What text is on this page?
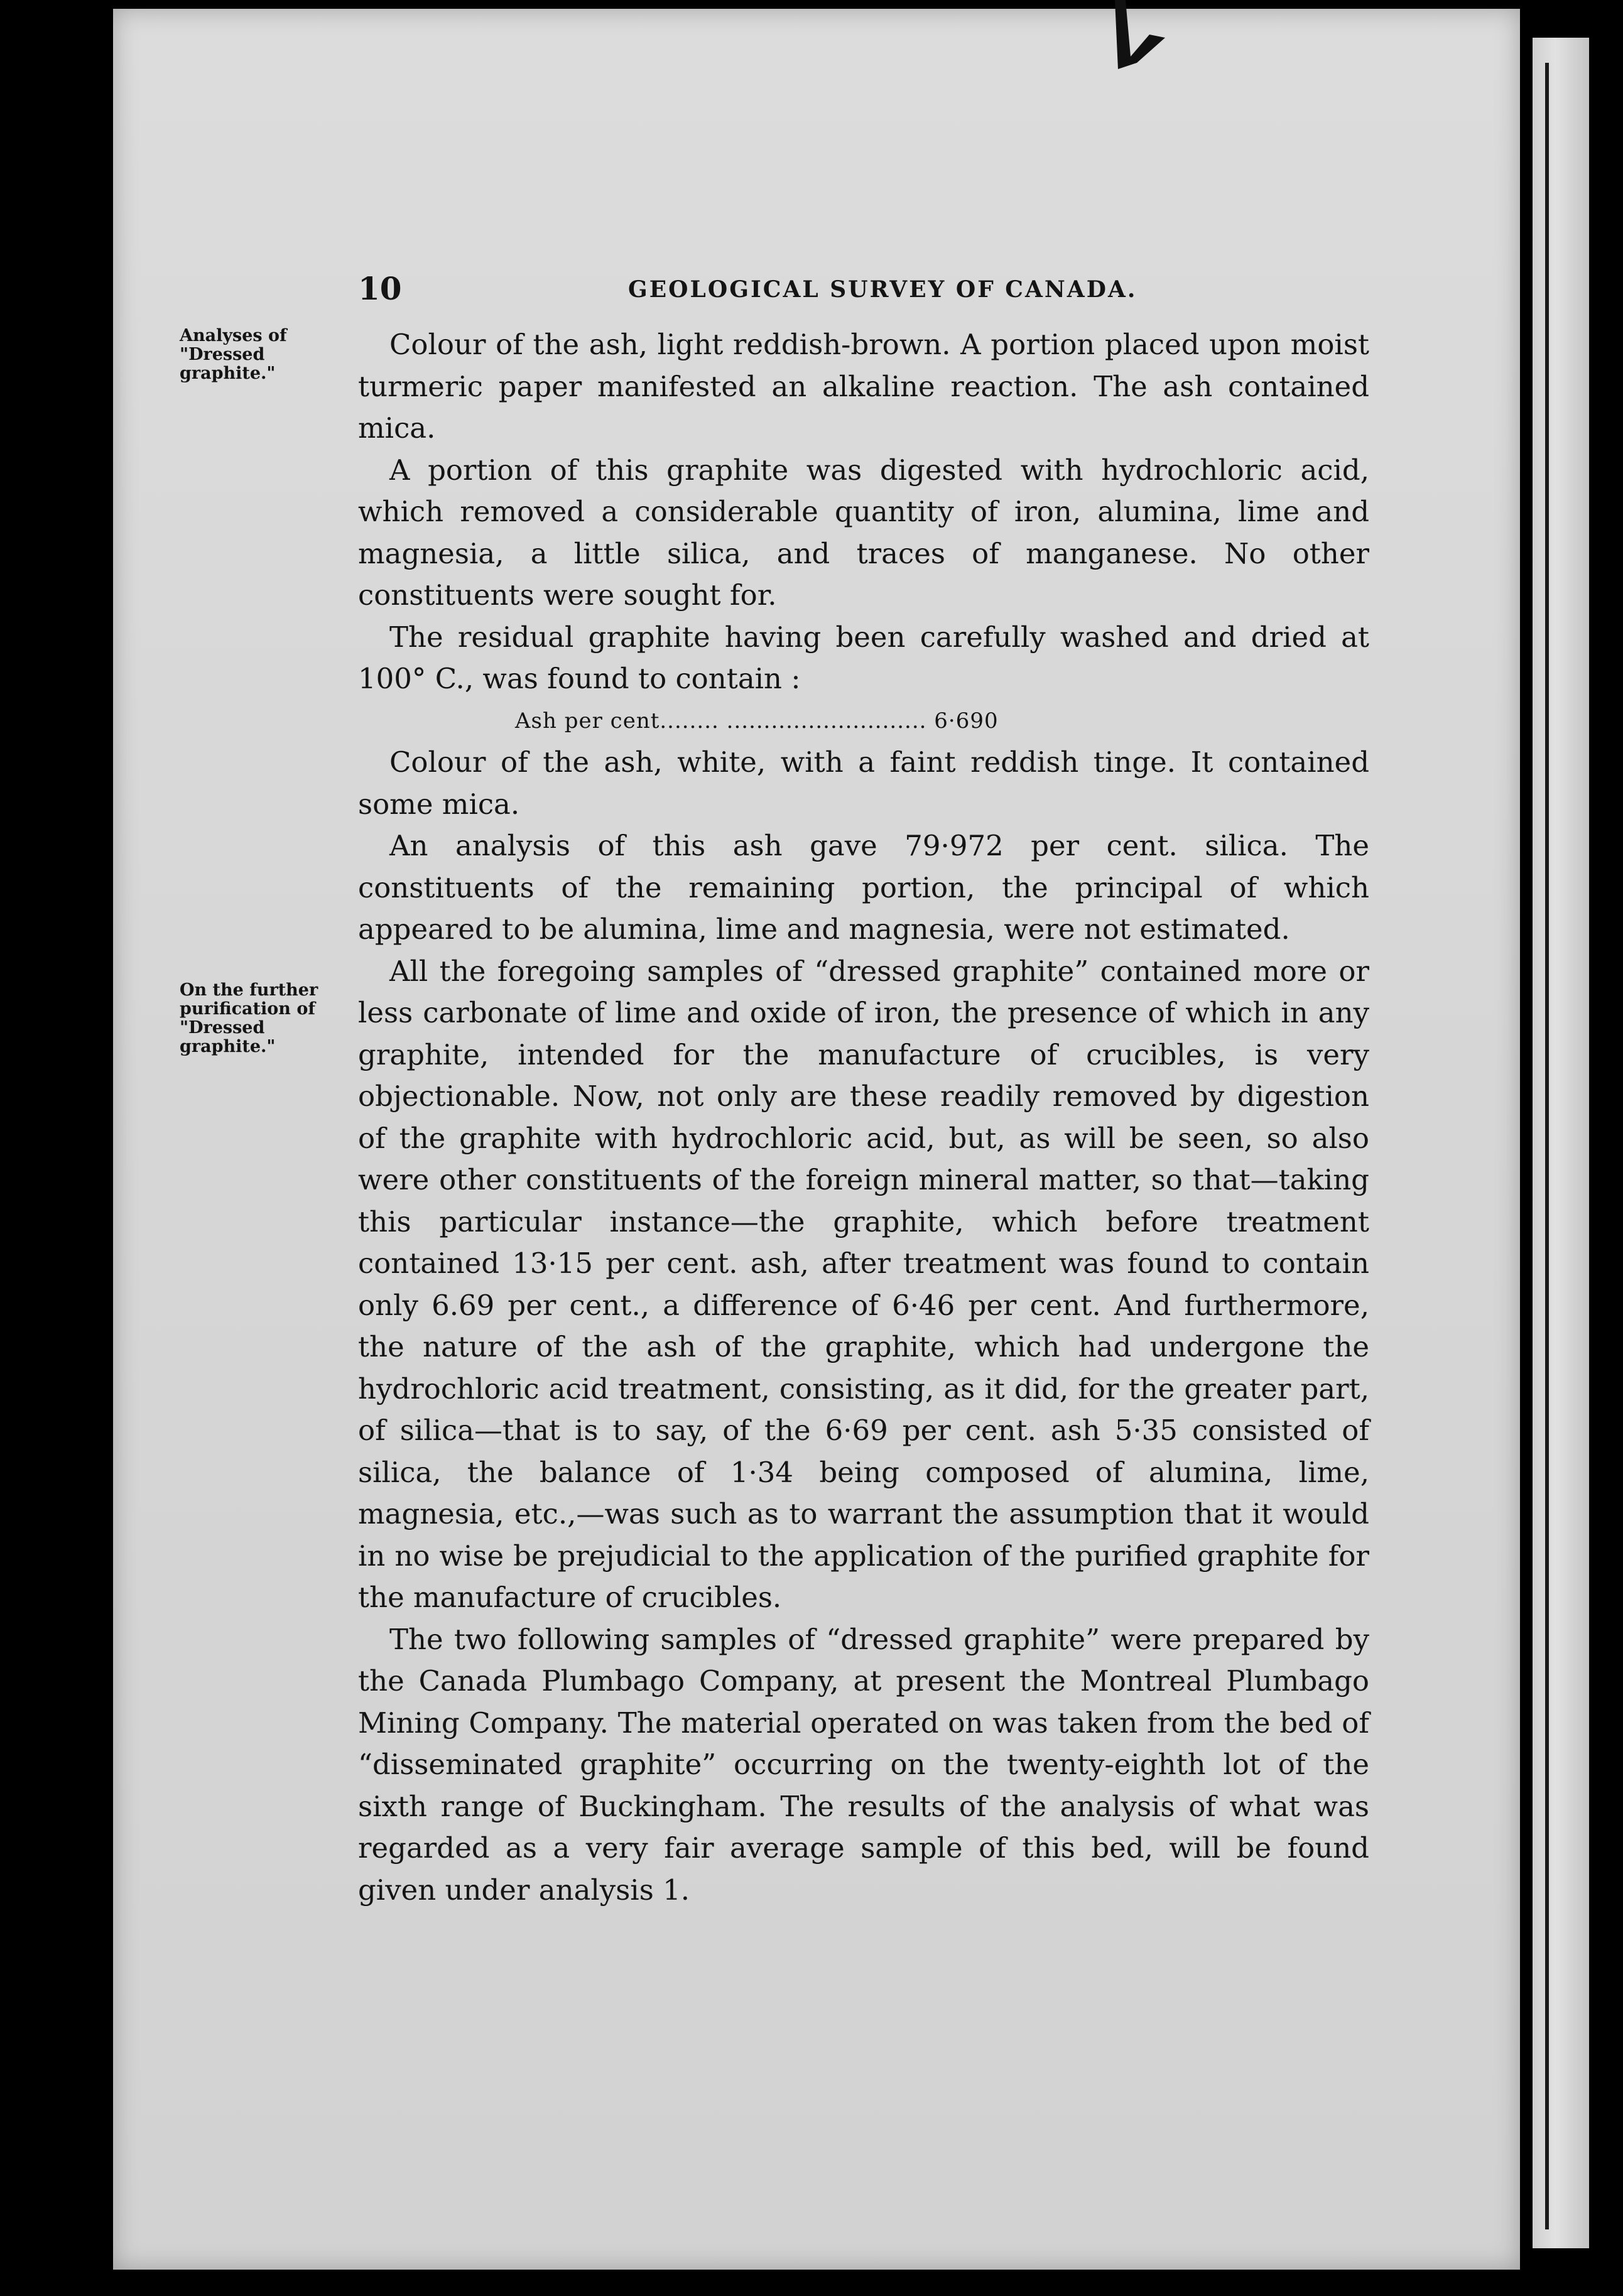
10	GEOLOGICAL SURVEY OF CANADA.
Analyses of "Dressed graphite."
On the further purification of "Dressed graphite."

Colour of the ash, light reddish-brown. A portion placed upon moist turmeric paper manifested an alkaline reaction. The ash contained mica.

A portion of this graphite was digested with hydrochloric acid, which removed a considerable quantity of iron, alumina, lime and magnesia, a little silica, and traces of manganese. No other constituents were sought for.

The residual graphite having been carefully washed and dried at 100° C., was found to contain :

Ash per cent........ ........................... 6·690

Colour of the ash, white, with a faint reddish tinge. It contained some mica.

An analysis of this ash gave 79·972 per cent. silica. The constituents of the remaining portion, the principal of which appeared to be alumina, lime and magnesia, were not estimated.

All the foregoing samples of “dressed graphite” contained more or less carbonate of lime and oxide of iron, the presence of which in any graphite, intended for the manufacture of crucibles, is very objectionable. Now, not only are these readily removed by digestion of the graphite with hydrochloric acid, but, as will be seen, so also were other constituents of the foreign mineral matter, so that—taking this particular instance—the graphite, which before treatment contained 13·15 per cent. ash, after treatment was found to contain only 6.69 per cent., a difference of 6·46 per cent. And furthermore, the nature of the ash of the graphite, which had undergone the hydrochloric acid treatment, consisting, as it did, for the greater part, of silica—that is to say, of the 6·69 per cent. ash 5·35 consisted of silica, the balance of 1·34 being composed of alumina, lime, magnesia, etc.,—was such as to warrant the assumption that it would in no wise be prejudicial to the application of the purified graphite for the manufacture of crucibles.

The two following samples of “dressed graphite” were prepared by the Canada Plumbago Company, at present the Montreal Plumbago Mining Company. The material operated on was taken from the bed of “disseminated graphite” occurring on the twenty-eighth lot of the sixth range of Buckingham. The results of the analysis of what was regarded as a very fair average sample of this bed, will be found given under analysis 1.
